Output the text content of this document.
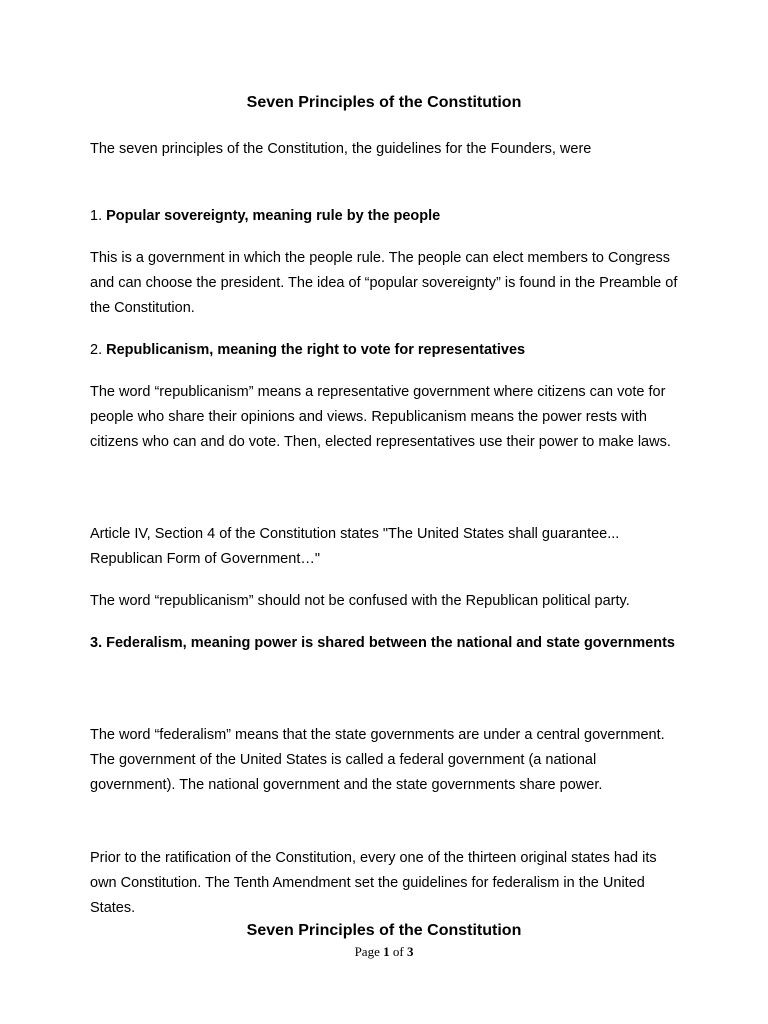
Seven Principles of the Constitution
The seven principles of the Constitution, the guidelines for the Founders, were
1. Popular sovereignty, meaning rule by the people
This is a government in which the people rule. The people can elect members to Congress and can choose the president. The idea of “popular sovereignty” is found in the Preamble of the Constitution.
2. Republicanism, meaning the right to vote for representatives
The word “republicanism” means a representative government where citizens can vote for people who share their opinions and views. Republicanism means the power rests with citizens who can and do vote. Then, elected representatives use their power to make laws.
Article IV, Section 4 of the Constitution states "The United States shall guarantee... Republican Form of Government…"
The word “republicanism” should not be confused with the Republican political party.
3. Federalism, meaning power is shared between the national and state governments
The word “federalism” means that the state governments are under a central government. The government of the United States is called a federal government (a national government). The national government and the state governments share power.
Prior to the ratification of the Constitution, every one of the thirteen original states had its own Constitution. The Tenth Amendment set the guidelines for federalism in the United States.
Seven Principles of the Constitution
Page 1 of 3
